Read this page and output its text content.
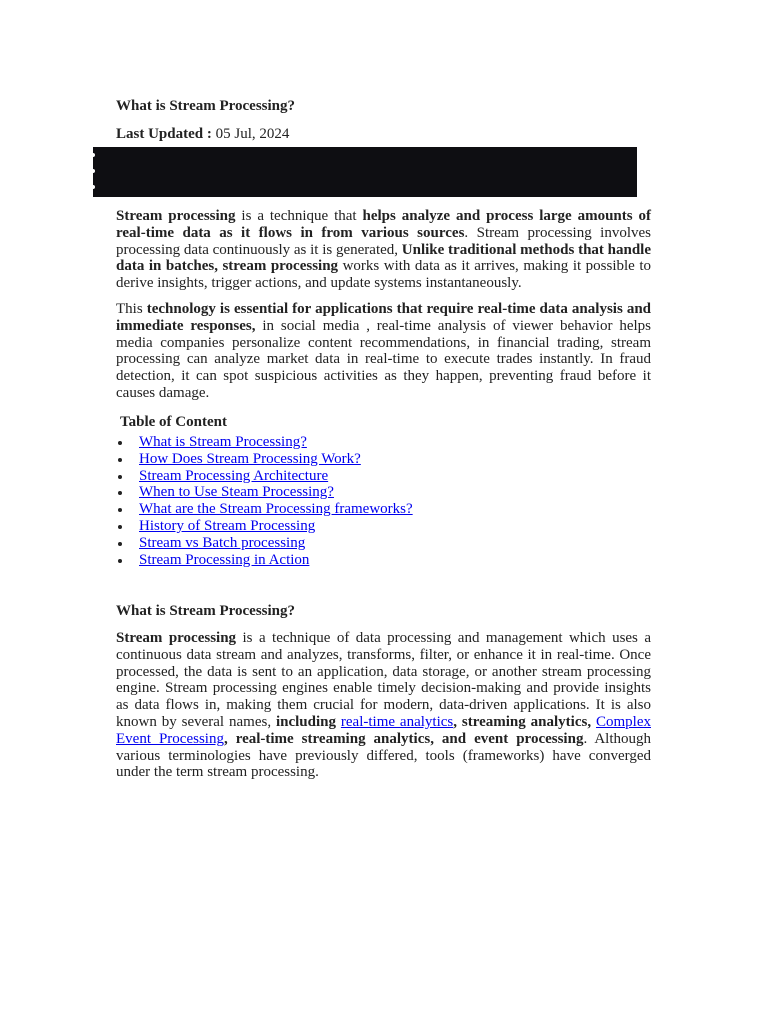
What is Stream Processing?
Last Updated : 05 Jul, 2024

Stream processing is a technique that helps analyze and process large amounts of real-time data as it flows in from various sources. Stream processing involves processing data continuously as it is generated, Unlike traditional methods that handle data in batches, stream processing works with data as it arrives, making it possible to derive insights, trigger actions, and update systems instantaneously.

This technology is essential for applications that require real-time data analysis and immediate responses, in social media , real-time analysis of viewer behavior helps media companies personalize content recommendations, in financial trading, stream processing can analyze market data in real-time to execute trades instantly. In fraud detection, it can spot suspicious activities as they happen, preventing fraud before it causes damage.

Table of Content
What is Stream Processing?
How Does Stream Processing Work?
Stream Processing Architecture
When to Use Steam Processing?
What are the Stream Processing frameworks?
History of Stream Processing
Stream vs Batch processing
Stream Processing in Action
What is Stream Processing?

Stream processing is a technique of data processing and management which uses a continuous data stream and analyzes, transforms, filter, or enhance it in real-time. Once processed, the data is sent to an application, data storage, or another stream processing engine. Stream processing engines enable timely decision-making and provide insights as data flows in, making them crucial for modern, data-driven applications. It is also known by several names, including real-time analytics, streaming analytics, Complex Event Processing, real-time streaming analytics, and event processing. Although various terminologies have previously differed, tools (frameworks) have converged under the term stream processing.
